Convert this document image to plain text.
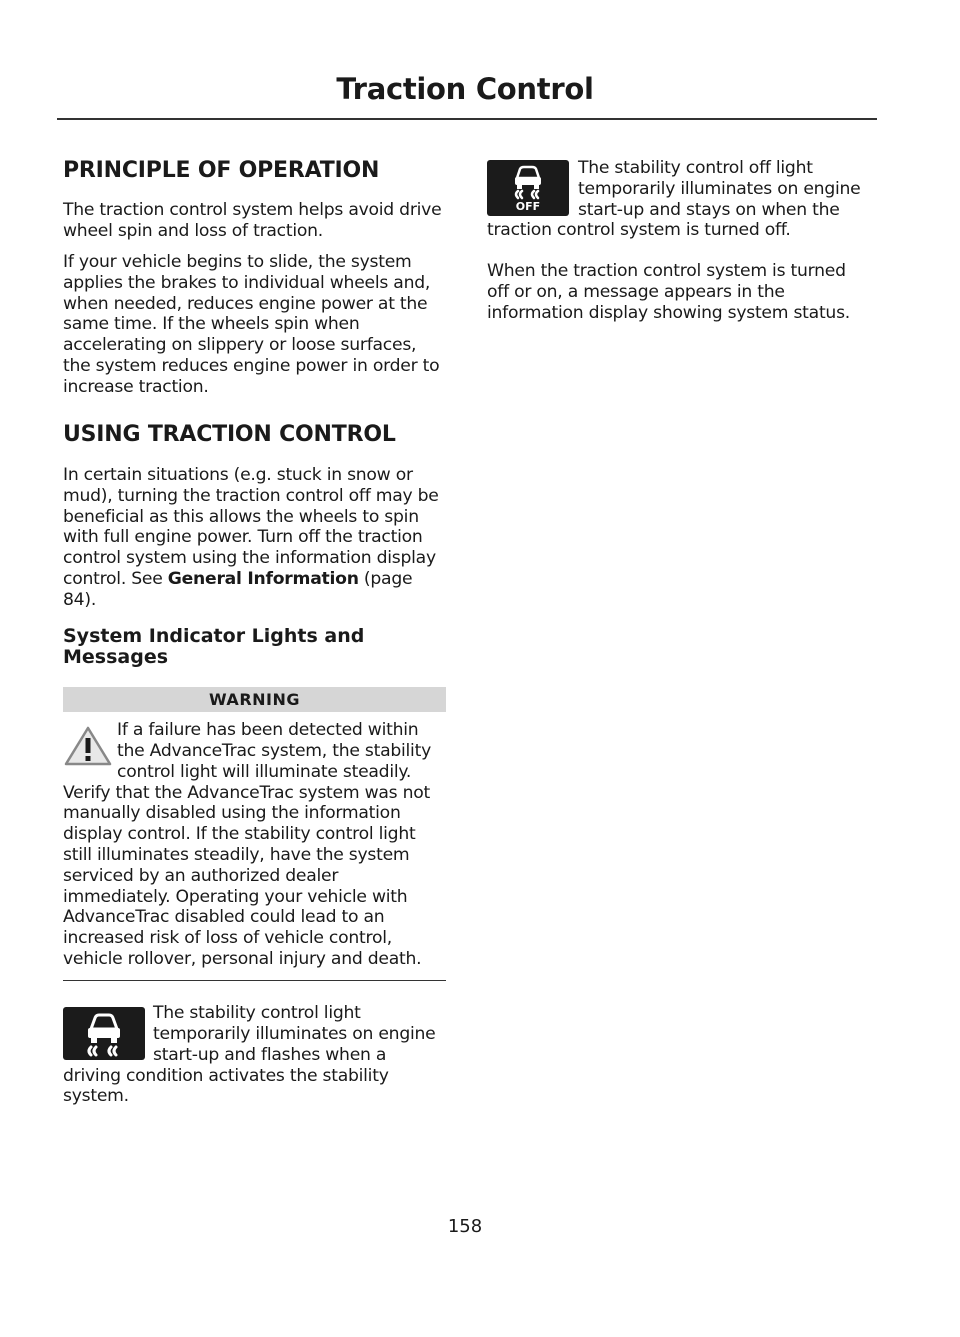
Traction Control
PRINCIPLE OF OPERATION

The traction control system helps avoid drive wheel spin and loss of traction.

If your vehicle begins to slide, the system applies the brakes to individual wheels and, when needed, reduces engine power at the same time. If the wheels spin when accelerating on slippery or loose surfaces, the system reduces engine power in order to increase traction.

USING TRACTION CONTROL

In certain situations (e.g. stuck in snow or mud), turning the traction control off may be beneficial as this allows the wheels to spin with full engine power. Turn off the traction control system using the information display control. See General Information (page 84).

System Indicator Lights and Messages
WARNING

If a failure has been detected within the AdvanceTrac system, the stability control light will illuminate steadily. Verify that the AdvanceTrac system was not manually disabled using the information display control. If the stability control light still illuminates steadily, have the system serviced by an authorized dealer immediately. Operating your vehicle with AdvanceTrac disabled could lead to an increased risk of loss of vehicle control, vehicle rollover, personal injury and death.

The stability control light temporarily illuminates on engine start-up and flashes when a driving condition activates the stability system.

OFF

The stability control off light temporarily illuminates on engine start-up and stays on when the traction control system is turned off.

When the traction control system is turned off or on, a message appears in the information display showing system status.

158
